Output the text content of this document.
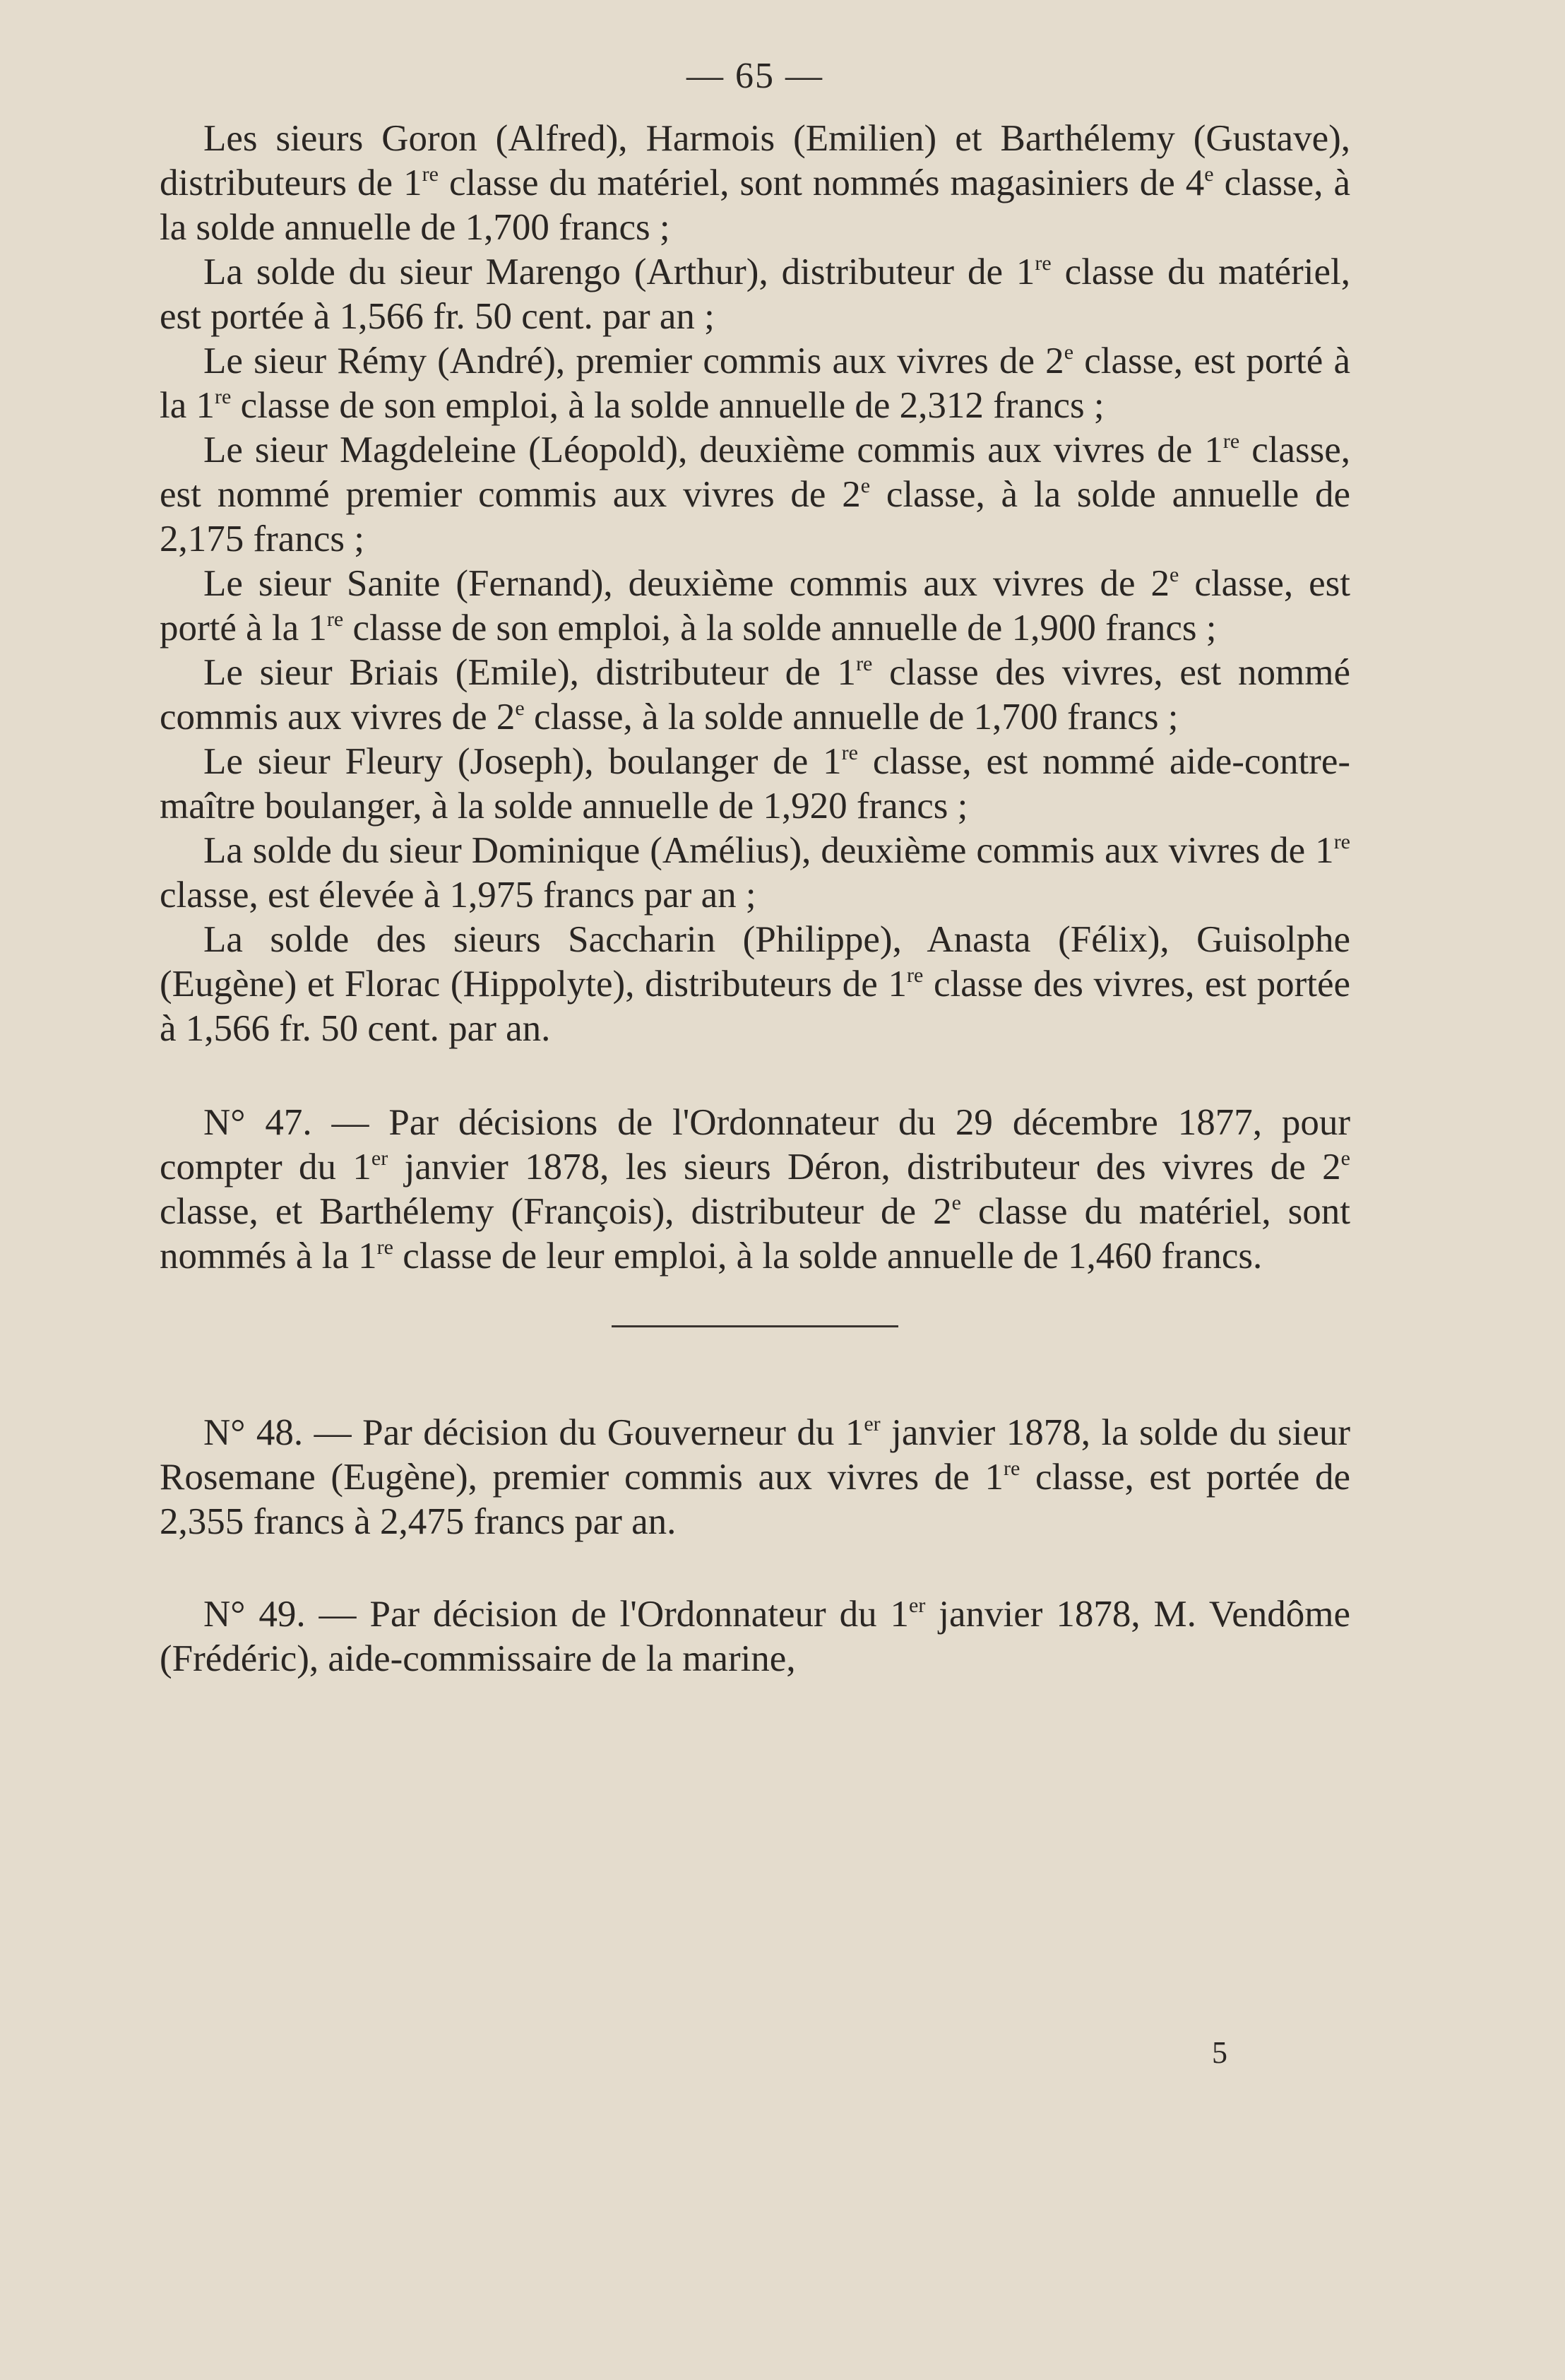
— 65 —

Les sieurs Goron (Alfred), Harmois (Emilien) et Barthélemy (Gustave), distributeurs de 1re classe du matériel, sont nommés magasiniers de 4e classe, à la solde annuelle de 1,700 francs ;

La solde du sieur Marengo (Arthur), distributeur de 1re classe du matériel, est portée à 1,566 fr. 50 cent. par an ;

Le sieur Rémy (André), premier commis aux vivres de 2e classe, est porté à la 1re classe de son emploi, à la solde annuelle de 2,312 francs ;

Le sieur Magdeleine (Léopold), deuxième commis aux vivres de 1re classe, est nommé premier commis aux vivres de 2e classe, à la solde annuelle de 2,175 francs ;

Le sieur Sanite (Fernand), deuxième commis aux vivres de 2e classe, est porté à la 1re classe de son emploi, à la solde annuelle de 1,900 francs ;

Le sieur Briais (Emile), distributeur de 1re classe des vivres, est nommé commis aux vivres de 2e classe, à la solde annuelle de 1,700 francs ;

Le sieur Fleury (Joseph), boulanger de 1re classe, est nommé aide-contre-maître boulanger, à la solde annuelle de 1,920 francs ;

La solde du sieur Dominique (Amélius), deuxième commis aux vivres de 1re classe, est élevée à 1,975 francs par an ;

La solde des sieurs Saccharin (Philippe), Anasta (Félix), Guisolphe (Eugène) et Florac (Hippolyte), distributeurs de 1re classe des vivres, est portée à 1,566 fr. 50 cent. par an.

N° 47. — Par décisions de l'Ordonnateur du 29 décembre 1877, pour compter du 1er janvier 1878, les sieurs Déron, distributeur des vivres de 2e classe, et Barthélemy (François), distributeur de 2e classe du matériel, sont nommés à la 1re classe de leur emploi, à la solde annuelle de 1,460 francs.

N° 48. — Par décision du Gouverneur du 1er janvier 1878, la solde du sieur Rosemane (Eugène), premier commis aux vivres de 1re classe, est portée de 2,355 francs à 2,475 francs par an.

N° 49. — Par décision de l'Ordonnateur du 1er janvier 1878, M. Vendôme (Frédéric), aide-commissaire de la marine,

5
